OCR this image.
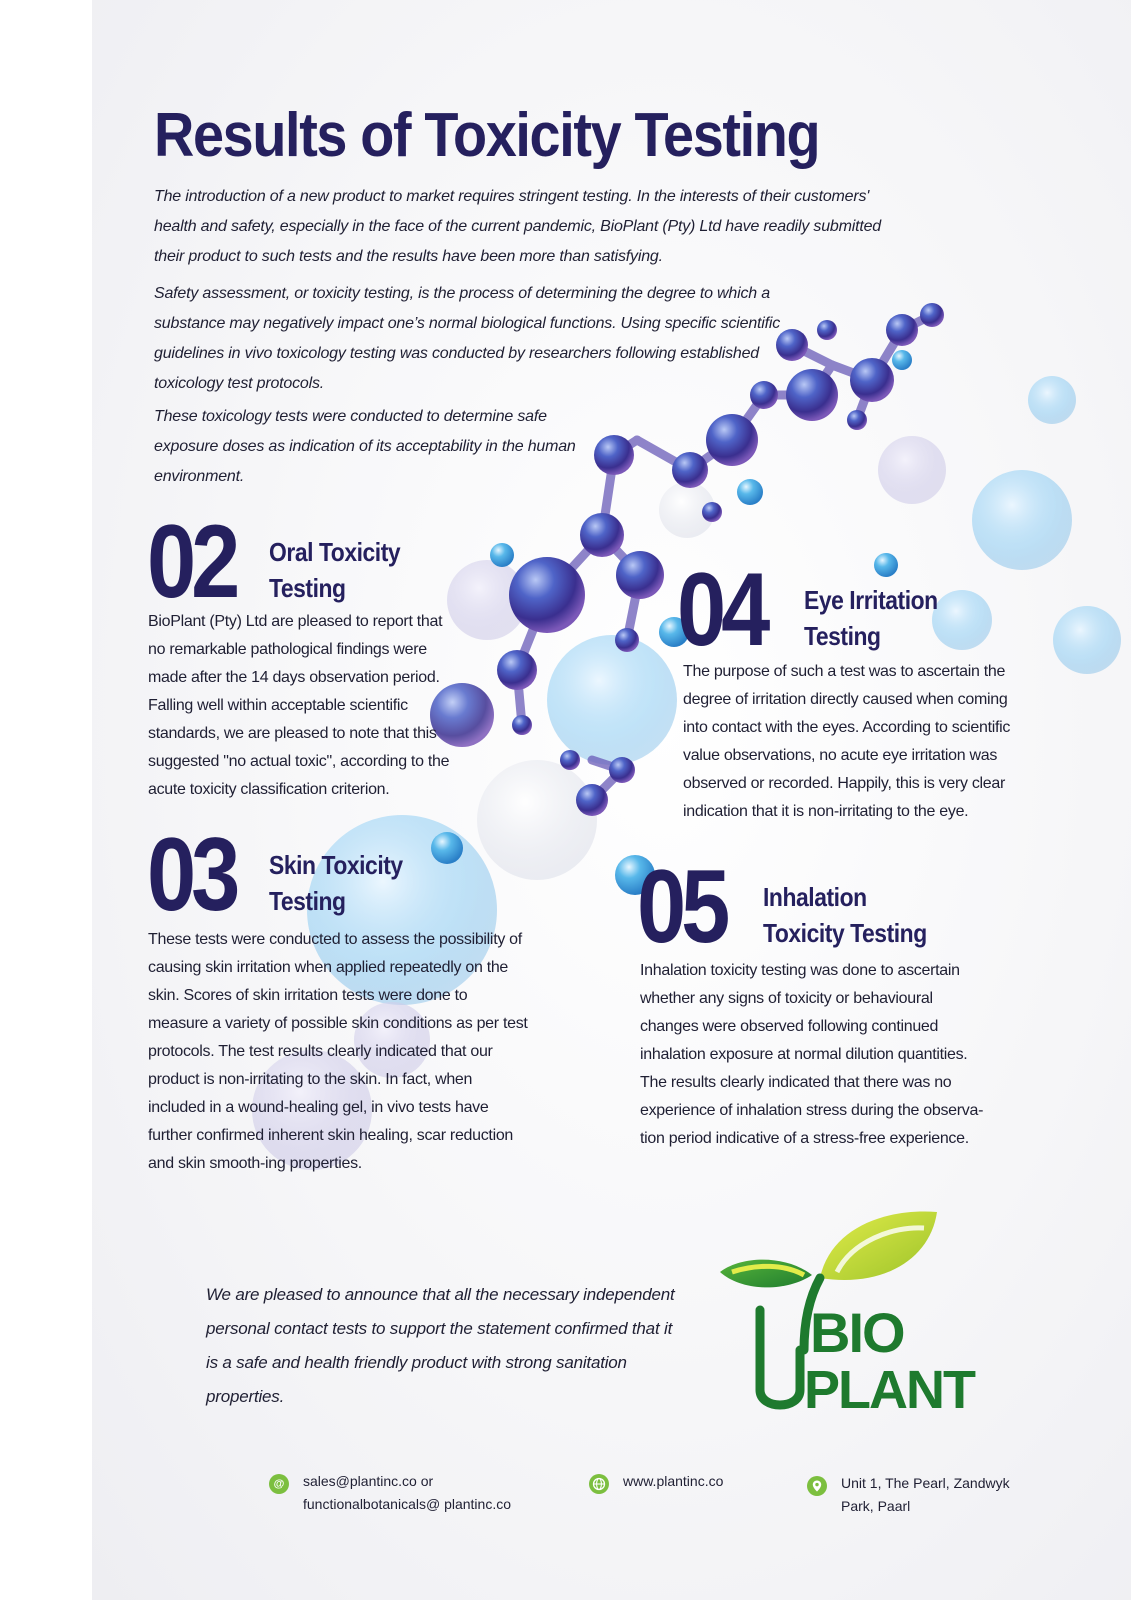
Results of Toxicity Testing

The introduction of a new product to market requires stringent testing. In the interests of their customers' health and safety, especially in the face of the current pandemic, BioPlant (Pty) Ltd have readily submitted their product to such tests and the results have been more than satisfying.

Safety assessment, or toxicity testing, is the process of determining the degree to which a substance may negatively impact one’s normal biological functions. Using specific scientific guidelines in vivo toxicology testing was conducted by researchers following established toxicology test protocols.

These toxicology tests were conducted to determine safe exposure doses as indication of its acceptability in the human environment.

02 Oral Toxicity
Testing

BioPlant (Pty) Ltd are pleased to report that no remarkable pathological findings were made after the 14 days observation period. Falling well within acceptable scientific standards, we are pleased to note that this suggested "no actual toxic", according to the acute toxicity classification criterion.

03 Skin Toxicity
Testing

These tests were conducted to assess the possibility of causing skin irritation when applied repeatedly on the skin. Scores of skin irritation tests were done to measure a variety of possible skin conditions as per test protocols. The test results clearly indicated that our product is non-irritating to the skin. In fact, when included in a wound-healing gel, in vivo tests have further confirmed inherent skin healing, scar reduction and skin smooth-ing properties.

04 Eye Irritation
Testing

The purpose of such a test was to ascertain the degree of irritation directly caused when coming into contact with the eyes. According to scientific value observations, no acute eye irritation was observed or recorded. Happily, this is very clear indication that it is non-irritating to the eye.

05 Inhalation
Toxicity Testing

Inhalation toxicity testing was done to ascertain whether any signs of toxicity or behavioural changes were observed following continued inhalation exposure at normal dilution quantities. The results clearly indicated that there was no experience of inhalation stress during the observa-tion period indicative of a stress-free experience.

We are pleased to announce that all the necessary independent personal contact tests to support the statement confirmed that it is a safe and health friendly product with strong sanitation properties.

BIO
PLANT
@	sales@plantinc.co or
functionalbotanicals@ plantinc.co
www.plantinc.co	Unit 1, The Pearl, Zandwyk
Park, Paarl
